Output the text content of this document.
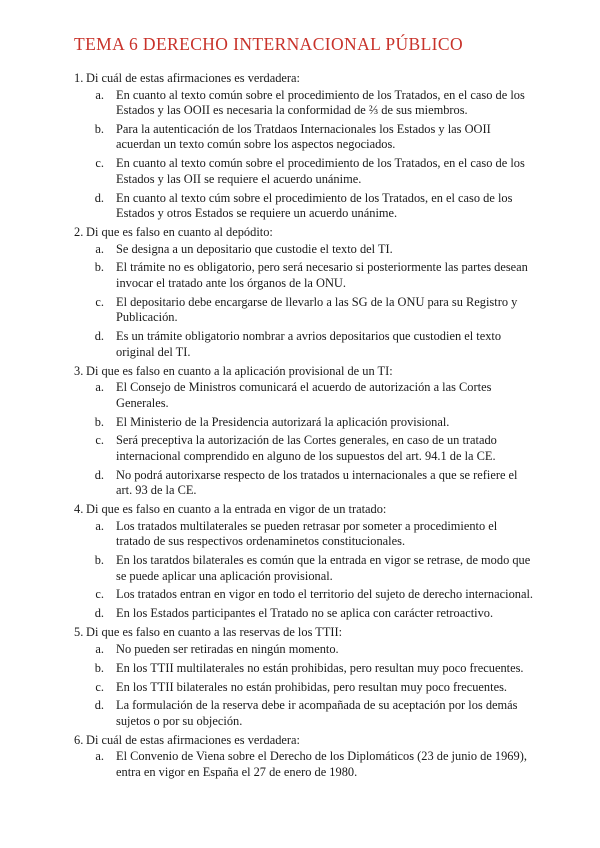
TEMA 6 DERECHO INTERNACIONAL PÚBLICO
1. Di cuál de estas afirmaciones es verdadera:
a. En cuanto al texto común sobre el procedimiento de los Tratados, en el caso de los Estados y las OOII es necesaria la conformidad de ⅔ de sus miembros.
b. Para la autenticación de los Tratdaos Internacionales los Estados y las OOII acuerdan un texto común sobre los aspectos negociados.
c. En cuanto al texto común sobre el procedimiento de los Tratados, en el caso de los Estados y las OII se requiere el acuerdo unánime.
d. En cuanto al texto cúm sobre el procedimiento de los Tratados, en el caso de los Estados y otros Estados se requiere un acuerdo unánime.
2. Di que es falso en cuanto al depódito:
a. Se designa a un depositario que custodie el texto del TI.
b. El trámite no es obligatorio, pero será necesario si posteriormente las partes desean invocar el tratado ante los órganos de la ONU.
c. El depositario debe encargarse de llevarlo a las SG de la ONU para su Registro y Publicación.
d. Es un trámite obligatorio nombrar a avrios depositarios que custodien el texto original del TI.
3. Di que es falso en cuanto a la aplicación provisional de un TI:
a. El Consejo de Ministros comunicará el acuerdo de autorización a las Cortes Generales.
b. El Ministerio de la Presidencia autorizará la aplicación provisional.
c. Será preceptiva la autorización de las Cortes generales, en caso de un tratado internacional comprendido en alguno de los supuestos del art. 94.1 de la CE.
d. No podrá autorixarse respecto de los tratados u internacionales a que se refiere el art. 93 de la CE.
4. Di que es falso en cuanto a la entrada en vigor de un tratado:
a. Los tratados multilaterales se pueden retrasar por someter a procedimiento el tratado de sus respectivos ordenaminetos constitucionales.
b. En los taratdos bilaterales es común que la entrada en vigor se retrase, de modo que se puede aplicar una aplicación provisional.
c. Los tratados entran en vigor en todo el territorio del sujeto de derecho internacional.
d. En los Estados participantes el Tratado no se aplica con carácter retroactivo.
5. Di que es falso en cuanto a las reservas de los TTII:
a. No pueden ser retiradas en ningún momento.
b. En los TTII multilaterales no están prohibidas, pero resultan muy poco frecuentes.
c. En los TTII bilaterales no están prohibidas, pero resultan muy poco frecuentes.
d. La formulación de la reserva debe ir acompañada de su aceptación por los demás sujetos o por su objeción.
6. Di cuál de estas afirmaciones es verdadera:
a. El Convenio de Viena sobre el Derecho de los Diplomáticos (23 de junio de 1969), entra en vigor en España el 27 de enero de 1980.
